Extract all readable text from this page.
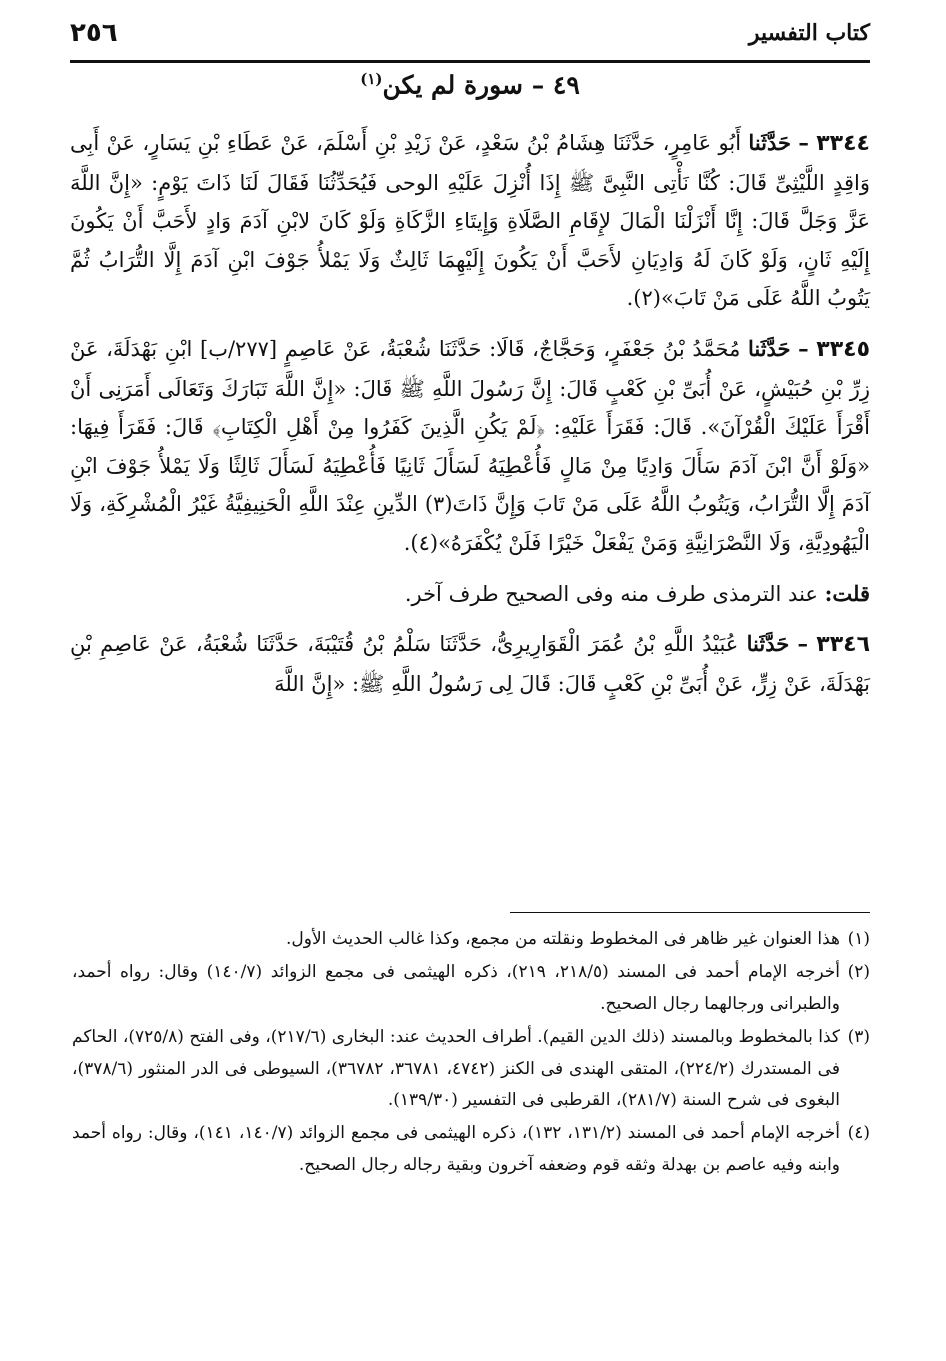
كتاب التفسير
٢٥٦
٤٩ – سورة لم يكن$^{(١)}$

٣٣٤٤ – حَدَّثَنا أَبُو عَامِرٍ، حَدَّثَنَا هِشَامُ بْنُ سَعْدٍ، عَنْ زَيْدِ بْنِ أَسْلَمَ، عَنْ عَطَاءِ بْنِ يَسَارٍ، عَنْ أَبِى وَاقِدٍ اللَّيْثِىِّ قَالَ: كُنَّا نَأْتِى النَّبِىَّ ﷺ إِذَا أُنْزِلَ عَلَيْهِ الوحى فَيُحَدِّثُنَا فَقَالَ لَنَا ذَاتَ يَوْمٍ: «إِنَّ اللَّهَ عَزَّ وَجَلَّ قَالَ: إِنَّا أَنْزَلْنَا الْمَالَ لإِقَامِ الصَّلَاةِ وَإِيتَاءِ الزَّكَاةِ وَلَوْ كَانَ لابْنِ آدَمَ وَادٍ لأَحَبَّ أَنْ يَكُونَ إِلَيْهِ ثَانٍ، وَلَوْ كَانَ لَهُ وَادِيَانِ لأَحَبَّ أَنْ يَكُونَ إِلَيْهِمَا ثَالِثٌ وَلَا يَمْلأُ جَوْفَ ابْنِ آدَمَ إِلَّا التُّرَابُ ثُمَّ يَتُوبُ اللَّهُ عَلَى مَنْ تَابَ»(٢).

٣٣٤٥ – حَدَّثَنا مُحَمَّدُ بْنُ جَعْفَرٍ، وَحَجَّاجٌ، قَالَا: حَدَّثَنَا شُعْبَةُ، عَنْ عَاصِمٍ [٢٧٧/ب] ابْنِ بَهْدَلَةَ، عَنْ زِرِّ بْنِ حُبَيْشٍ، عَنْ أُبَىِّ بْنِ كَعْبٍ قَالَ: إِنَّ رَسُولَ اللَّهِ ﷺ قَالَ: «إِنَّ اللَّهَ تَبَارَكَ وَتَعَالَى أَمَرَنِى أَنْ أَقْرَأَ عَلَيْكَ الْقُرْآنَ». قَالَ: فَقَرَأَ عَلَيْهِ: ﴿لَمْ يَكُنِ الَّذِينَ كَفَرُوا مِنْ أَهْلِ الْكِتَابِ﴾ قَالَ: فَقَرَأَ فِيهَا: «وَلَوْ أَنَّ ابْنَ آدَمَ سَأَلَ وَادِيًا مِنْ مَالٍ فَأُعْطِيَهُ لَسَأَلَ ثَانِيًا فَأُعْطِيَهُ لَسَأَلَ ثَالِثًا وَلَا يَمْلأُ جَوْفَ ابْنِ آدَمَ إِلَّا التُّرَابُ، وَيَتُوبُ اللَّهُ عَلَى مَنْ تَابَ وَإِنَّ ذَاتَ(٣) الدِّينِ عِنْدَ اللَّهِ الْحَنِيفِيَّةُ غَيْرُ الْمُشْرِكَةِ، وَلَا الْيَهُودِيَّةِ، وَلَا النَّصْرَانِيَّةِ وَمَنْ يَفْعَلْ خَيْرًا فَلَنْ يُكْفَرَهُ»(٤).

قلت: عند الترمذى طرف منه وفى الصحيح طرف آخر.

٣٣٤٦ – حَدَّثَنا عُبَيْدُ اللَّهِ بْنُ عُمَرَ الْقَوَارِيرِىُّ، حَدَّثَنَا سَلْمُ بْنُ قُتَيْبَةَ، حَدَّثَنَا شُعْبَةُ، عَنْ عَاصِمِ بْنِ بَهْدَلَةَ، عَنْ زِرٍّ، عَنْ أُبَىِّ بْنِ كَعْبٍ قَالَ: قَالَ لِى رَسُولُ اللَّهِ ﷺ: «إِنَّ اللَّهَ

(١)هذا العنوان غير ظاهر فى المخطوط ونقلته من مجمع، وكذا غالب الحديث الأول.

(٢)أخرجه الإمام أحمد فى المسند (٢١٨/٥، ٢١٩)، ذكره الهيثمى فى مجمع الزوائد (١٤٠/٧) وقال: رواه أحمد، والطبرانى ورجالهما رجال الصحيح.

(٣)كذا بالمخطوط وبالمسند (ذلك الدين القيم). أطراف الحديث عند: البخارى (٢١٧/٦)، وفى الفتح (٧٢٥/٨)، الحاكم فى المستدرك (٢٢٤/٢)، المتقى الهندى فى الكنز (٤٧٤٢، ٣٦٧٨١، ٣٦٧٨٢)، السيوطى فى الدر المنثور (٣٧٨/٦)، البغوى فى شرح السنة (٢٨١/٧)، القرطبى فى التفسير (١٣٩/٣٠).

(٤)أخرجه الإمام أحمد فى المسند (١٣١/٢، ١٣٢)، ذكره الهيثمى فى مجمع الزوائد (١٤٠/٧، ١٤١)، وقال: رواه أحمد وابنه وفيه عاصم بن بهدلة وثقه قوم وضعفه آخرون وبقية رجاله رجال الصحيح.
